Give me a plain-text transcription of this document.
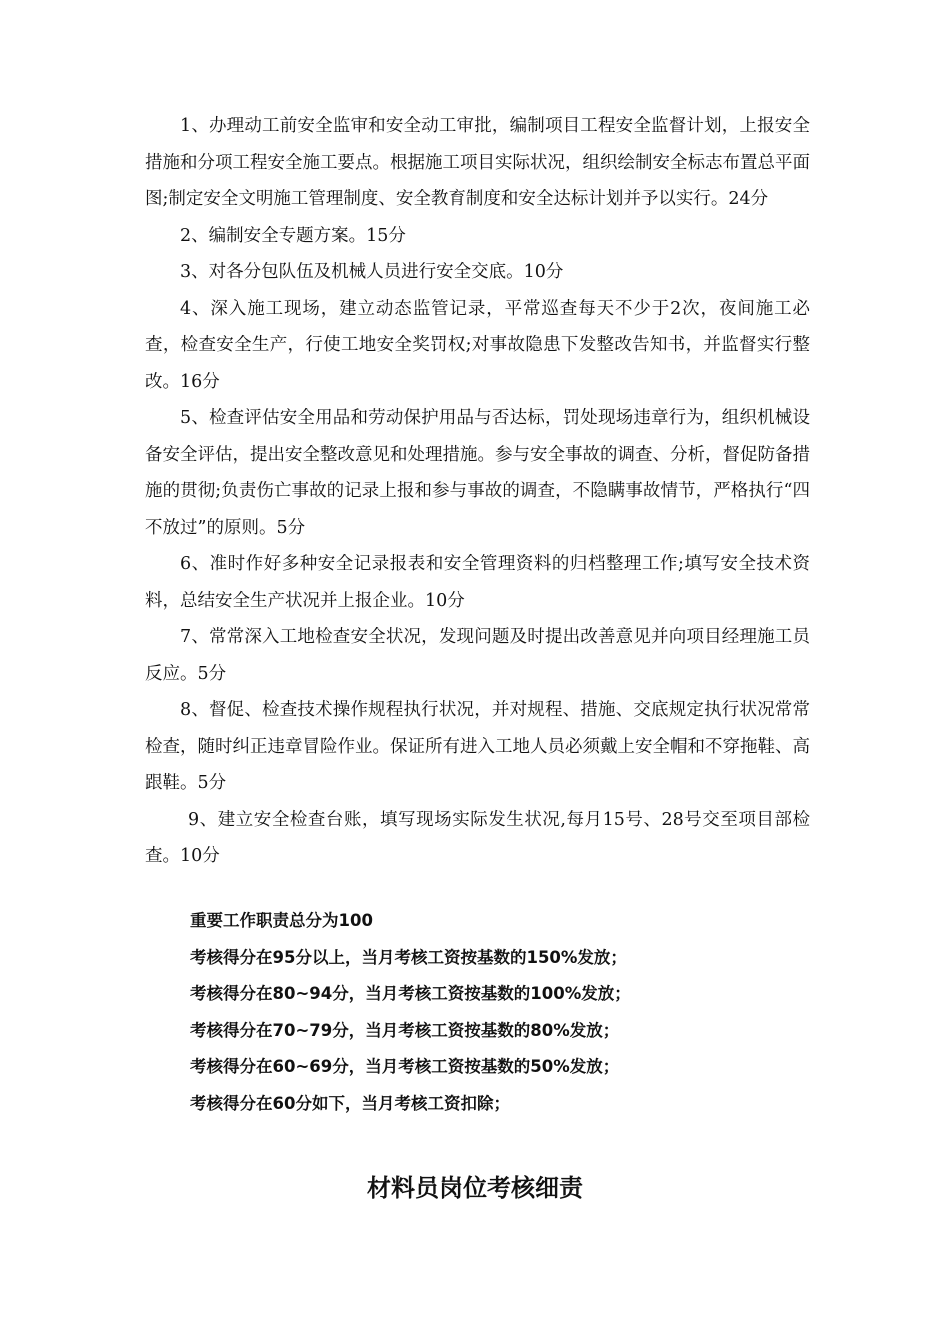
1、办理动工前安全监审和安全动工审批，编制项目工程安全监督计划，上报安全措施和分项工程安全施工要点。根据施工项目实际状况，组织绘制安全标志布置总平面图;制定安全文明施工管理制度、安全教育制度和安全达标计划并予以实行。24分

2、编制安全专题方案。15分

3、对各分包队伍及机械人员进行安全交底。10分

4、深入施工现场，建立动态监管记录，平常巡查每天不少于2次，夜间施工必查，检查安全生产，行使工地安全奖罚权;对事故隐患下发整改告知书，并监督实行整改。16分

5、检查评估安全用品和劳动保护用品与否达标，罚处现场违章行为，组织机械设备安全评估，提出安全整改意见和处理措施。参与安全事故的调查、分析，督促防备措施的贯彻;负责伤亡事故的记录上报和参与事故的调查，不隐瞒事故情节，严格执行“四不放过”的原则。5分

6、准时作好多种安全记录报表和安全管理资料的归档整理工作;填写安全技术资料，总结安全生产状况并上报企业。10分

7、常常深入工地检查安全状况，发现问题及时提出改善意见并向项目经理施工员反应。5分

8、督促、检查技术操作规程执行状况，并对规程、措施、交底规定执行状况常常检查，随时纠正违章冒险作业。保证所有进入工地人员必须戴上安全帽和不穿拖鞋、高跟鞋。5分

9、建立安全检查台账，填写现场实际发生状况,每月15号、28号交至项目部检查。10分

重要工作职责总分为100

考核得分在95分以上，当月考核工资按基数的150%发放；

考核得分在80~94分，当月考核工资按基数的100%发放；

考核得分在70~79分，当月考核工资按基数的80%发放；

考核得分在60~69分，当月考核工资按基数的50%发放；

考核得分在60分如下，当月考核工资扣除；

材料员岗位考核细责
